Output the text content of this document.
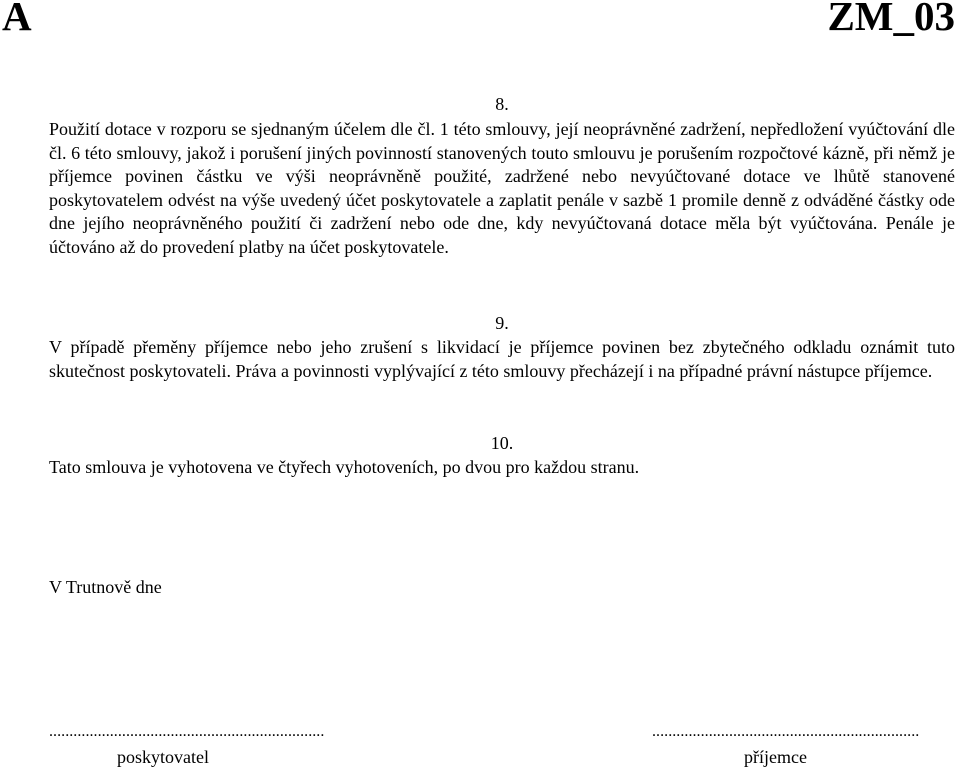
A	ZM_03
8.
Použití dotace v rozporu se sjednaným účelem dle čl. 1 této smlouvy, její neoprávněné zadržení, nepředložení vyúčtování dle čl. 6 této smlouvy, jakož i porušení jiných povinností stanovených touto smlouvu je porušením rozpočtové kázně, při němž je příjemce povinen částku ve výši neoprávněně použité, zadržené nebo nevyúčtované dotace ve lhůtě stanovené poskytovatelem odvést na výše uvedený účet poskytovatele a zaplatit penále v sazbě 1 promile denně z odváděné částky ode dne jejího neoprávněného použití či zadržení nebo ode dne, kdy nevyúčtovaná dotace měla být vyúčtována. Penále je účtováno až do provedení platby na účet poskytovatele.
9.
V případě přeměny příjemce nebo jeho zrušení s likvidací je příjemce povinen bez zbytečného odkladu oznámit tuto skutečnost poskytovateli. Práva a povinnosti vyplývající z této smlouvy přecházejí i na případné právní nástupce příjemce.
10.
Tato smlouva je vyhotovena ve čtyřech vyhotoveních, po dvou pro každou stranu.
V Trutnově dne
....................................................................
poskytovatel
..................................................................
příjemce
